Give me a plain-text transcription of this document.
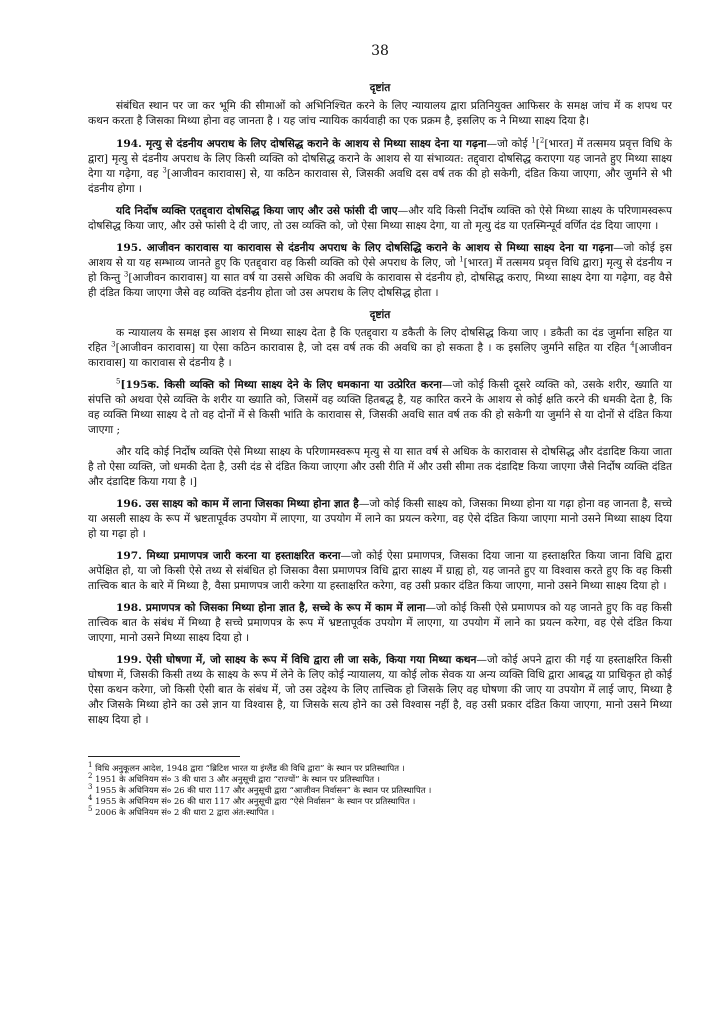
38
दृष्टांत

संबंधित स्थान पर जा कर भूमि की सीमाओं को अभिनिश्चित करने के लिए न्यायालय द्वारा प्रतिनियुक्त आफिसर के समक्ष जांच में क शपथ पर कथन करता है जिसका मिथ्या होना वह जानता है । यह जांच न्यायिक कार्यवाही का एक प्रक्रम है, इसलिए क ने मिथ्या साक्ष्य दिया है।

194. मृत्यु से दंडनीय अपराध के लिए दोषसिद्ध कराने के आशय से मिथ्या साक्ष्य देना या गढ़ना—जो कोई $^1$[$^2$[भारत] में तत्समय प्रवृत्त विधि के द्वारा] मृत्यु से दंडनीय अपराध के लिए किसी व्यक्ति को दोषसिद्ध कराने के आशय से या संभाव्यत: तद्द्वारा दोषसिद्ध कराएगा यह जानते हुए मिथ्या साक्ष्य देगा या गढ़ेगा, वह $^3$[आजीवन कारावास] से, या कठिन कारावास से, जिसकी अवधि दस वर्ष तक की हो सकेगी, दंडित किया जाएगा, और जुर्माने से भी दंडनीय होगा ।

यदि निर्दोष व्यक्ति एतद्द्वारा दोषसिद्ध किया जाए और उसे फांसी दी जाए—और यदि किसी निर्दोष व्यक्ति को ऐसे मिथ्या साक्ष्य के परिणामस्वरूप दोषसिद्ध किया जाए, और उसे फांसी दे दी जाए, तो उस व्यक्ति को, जो ऐसा मिथ्या साक्ष्य देगा, या तो मृत्यु दंड या एतस्मिन्पूर्व वर्णित दंड दिया जाएगा ।

195. आजीवन कारावास या कारावास से दंडनीय अपराध के लिए दोषसिद्धि कराने के आशय से मिथ्या साक्ष्य देना या गढ़ना—जो कोई इस आशय से या यह सम्भाव्य जानते हुए कि एतद्द्वारा वह किसी व्यक्ति को ऐसे अपराध के लिए, जो $^1$[भारत] में तत्समय प्रवृत्त विधि द्वारा] मृत्यु से दंडनीय न हो किन्तु $^3$[आजीवन कारावास] या सात वर्ष या उससे अधिक की अवधि के कारावास से दंडनीय हो, दोषसिद्ध कराए, मिथ्या साक्ष्य देगा या गढ़ेगा, वह वैसे ही दंडित किया जाएगा जैसे वह व्यक्ति दंडनीय होता जो उस अपराध के लिए दोषसिद्ध होता ।

दृष्टांत

क न्यायालय के समक्ष इस आशय से मिथ्या साक्ष्य देता है कि एतद्द्वारा य डकैती के लिए दोषसिद्ध किया जाए । डकैती का दंड जुर्माना सहित या रहित $^3$[आजीवन कारावास] या ऐसा कठिन कारावास है, जो दस वर्ष तक की अवधि का हो सकता है । क इसलिए जुर्माने सहित या रहित $^4$[आजीवन कारावास] या कारावास से दंडनीय है ।

$^5$[195क. किसी व्यक्ति को मिथ्या साक्ष्य देने के लिए धमकाना या उत्प्रेरित करना—जो कोई किसी दूसरे व्यक्ति को, उसके शरीर, ख्याति या संपत्ति को अथवा ऐसे व्यक्ति के शरीर या ख्याति को, जिसमें वह व्यक्ति हितबद्ध है, यह कारित करने के आशय से कोई क्षति करने की धमकी देता है, कि वह व्यक्ति मिथ्या साक्ष्य दे तो वह दोनों में से किसी भांति के कारावास से, जिसकी अवधि सात वर्ष तक की हो सकेगी या जुर्माने से या दोनों से दंडित किया जाएगा ;

और यदि कोई निर्दोष व्यक्ति ऐसे मिथ्या साक्ष्य के परिणामस्वरूप मृत्यु से या सात वर्ष से अधिक के कारावास से दोषसिद्ध और दंडादिष्ट किया जाता है तो ऐसा व्यक्ति, जो धमकी देता है, उसी दंड से दंडित किया जाएगा और उसी रीति में और उसी सीमा तक दंडादिष्ट किया जाएगा जैसे निर्दोष व्यक्ति दंडित और दंडादिष्ट किया गया है ।]

196. उस साक्ष्य को काम में लाना जिसका मिथ्या होना ज्ञात है—जो कोई किसी साक्ष्य को, जिसका मिथ्या होना या गढ़ा होना वह जानता है, सच्चे या असली साक्ष्य के रूप में भ्रष्टतापूर्वक उपयोग में लाएगा, या उपयोग में लाने का प्रयत्न करेगा, वह ऐसे दंडित किया जाएगा मानो उसने मिथ्या साक्ष्य दिया हो या गढ़ा हो ।

197. मिथ्या प्रमाणपत्र जारी करना या हस्ताक्षरित करना—जो कोई ऐसा प्रमाणपत्र, जिसका दिया जाना या हस्ताक्षरित किया जाना विधि द्वारा अपेक्षित हो, या जो किसी ऐसे तथ्य से संबंधित हो जिसका वैसा प्रमाणपत्र विधि द्वारा साक्ष्य में ग्राह्य हो, यह जानते हुए या विश्वास करते हुए कि वह किसी तात्त्विक बात के बारे में मिथ्या है, वैसा प्रमाणपत्र जारी करेगा या हस्ताक्षरित करेगा, वह उसी प्रकार दंडित किया जाएगा, मानो उसने मिथ्या साक्ष्य दिया हो ।

198. प्रमाणपत्र को जिसका मिथ्या होना ज्ञात है, सच्चे के रूप में काम में लाना—जो कोई किसी ऐसे प्रमाणपत्र को यह जानते हुए कि वह किसी तात्त्विक बात के संबंध में मिथ्या है सच्चे प्रमाणपत्र के रूप में भ्रष्टतापूर्वक उपयोग में लाएगा, या उपयोग में लाने का प्रयत्न करेगा, वह ऐसे दंडित किया जाएगा, मानो उसने मिथ्या साक्ष्य दिया हो ।

199. ऐसी घोषणा में, जो साक्ष्य के रूप में विधि द्वारा ली जा सके, किया गया मिथ्या कथन—जो कोई अपने द्वारा की गई या हस्ताक्षरित किसी घोषणा में, जिसकी किसी तथ्य के साक्ष्य के रूप में लेने के लिए कोई न्यायालय, या कोई लोक सेवक या अन्य व्यक्ति विधि द्वारा आबद्ध या प्राधिकृत हो कोई ऐसा कथन करेगा, जो किसी ऐसी बात के संबंध में, जो उस उद्देश्य के लिए तात्त्विक हो जिसके लिए वह घोषणा की जाए या उपयोग में लाई जाए, मिथ्या है और जिसके मिथ्या होने का उसे ज्ञान या विश्वास है, या जिसके सत्य होने का उसे विश्वास नहीं है, वह उसी प्रकार दंडित किया जाएगा, मानो उसने मिथ्या साक्ष्य दिया हो ।

$^1$ विधि अनुकूलन आदेश, 1948 द्वारा “ब्रिटिश भारत या इंग्लैंड की विधि द्वारा” के स्थान पर प्रतिस्थापित ।

$^2$ 1951 के अधिनियम सं० 3 की धारा 3 और अनुसूची द्वारा “राज्यों” के स्थान पर प्रतिस्थापित ।

$^3$ 1955 के अधिनियम सं० 26 की धारा 117 और अनुसूची द्वारा “आजीवन निर्वासन” के स्थान पर प्रतिस्थापित ।

$^4$ 1955 के अधिनियम सं० 26 की धारा 117 और अनुसूची द्वारा “ऐसे निर्वासन” के स्थान पर प्रतिस्थापित ।

$^5$ 2006 के अधिनियम सं० 2 की धारा 2 द्वारा अंत:स्थापित ।
